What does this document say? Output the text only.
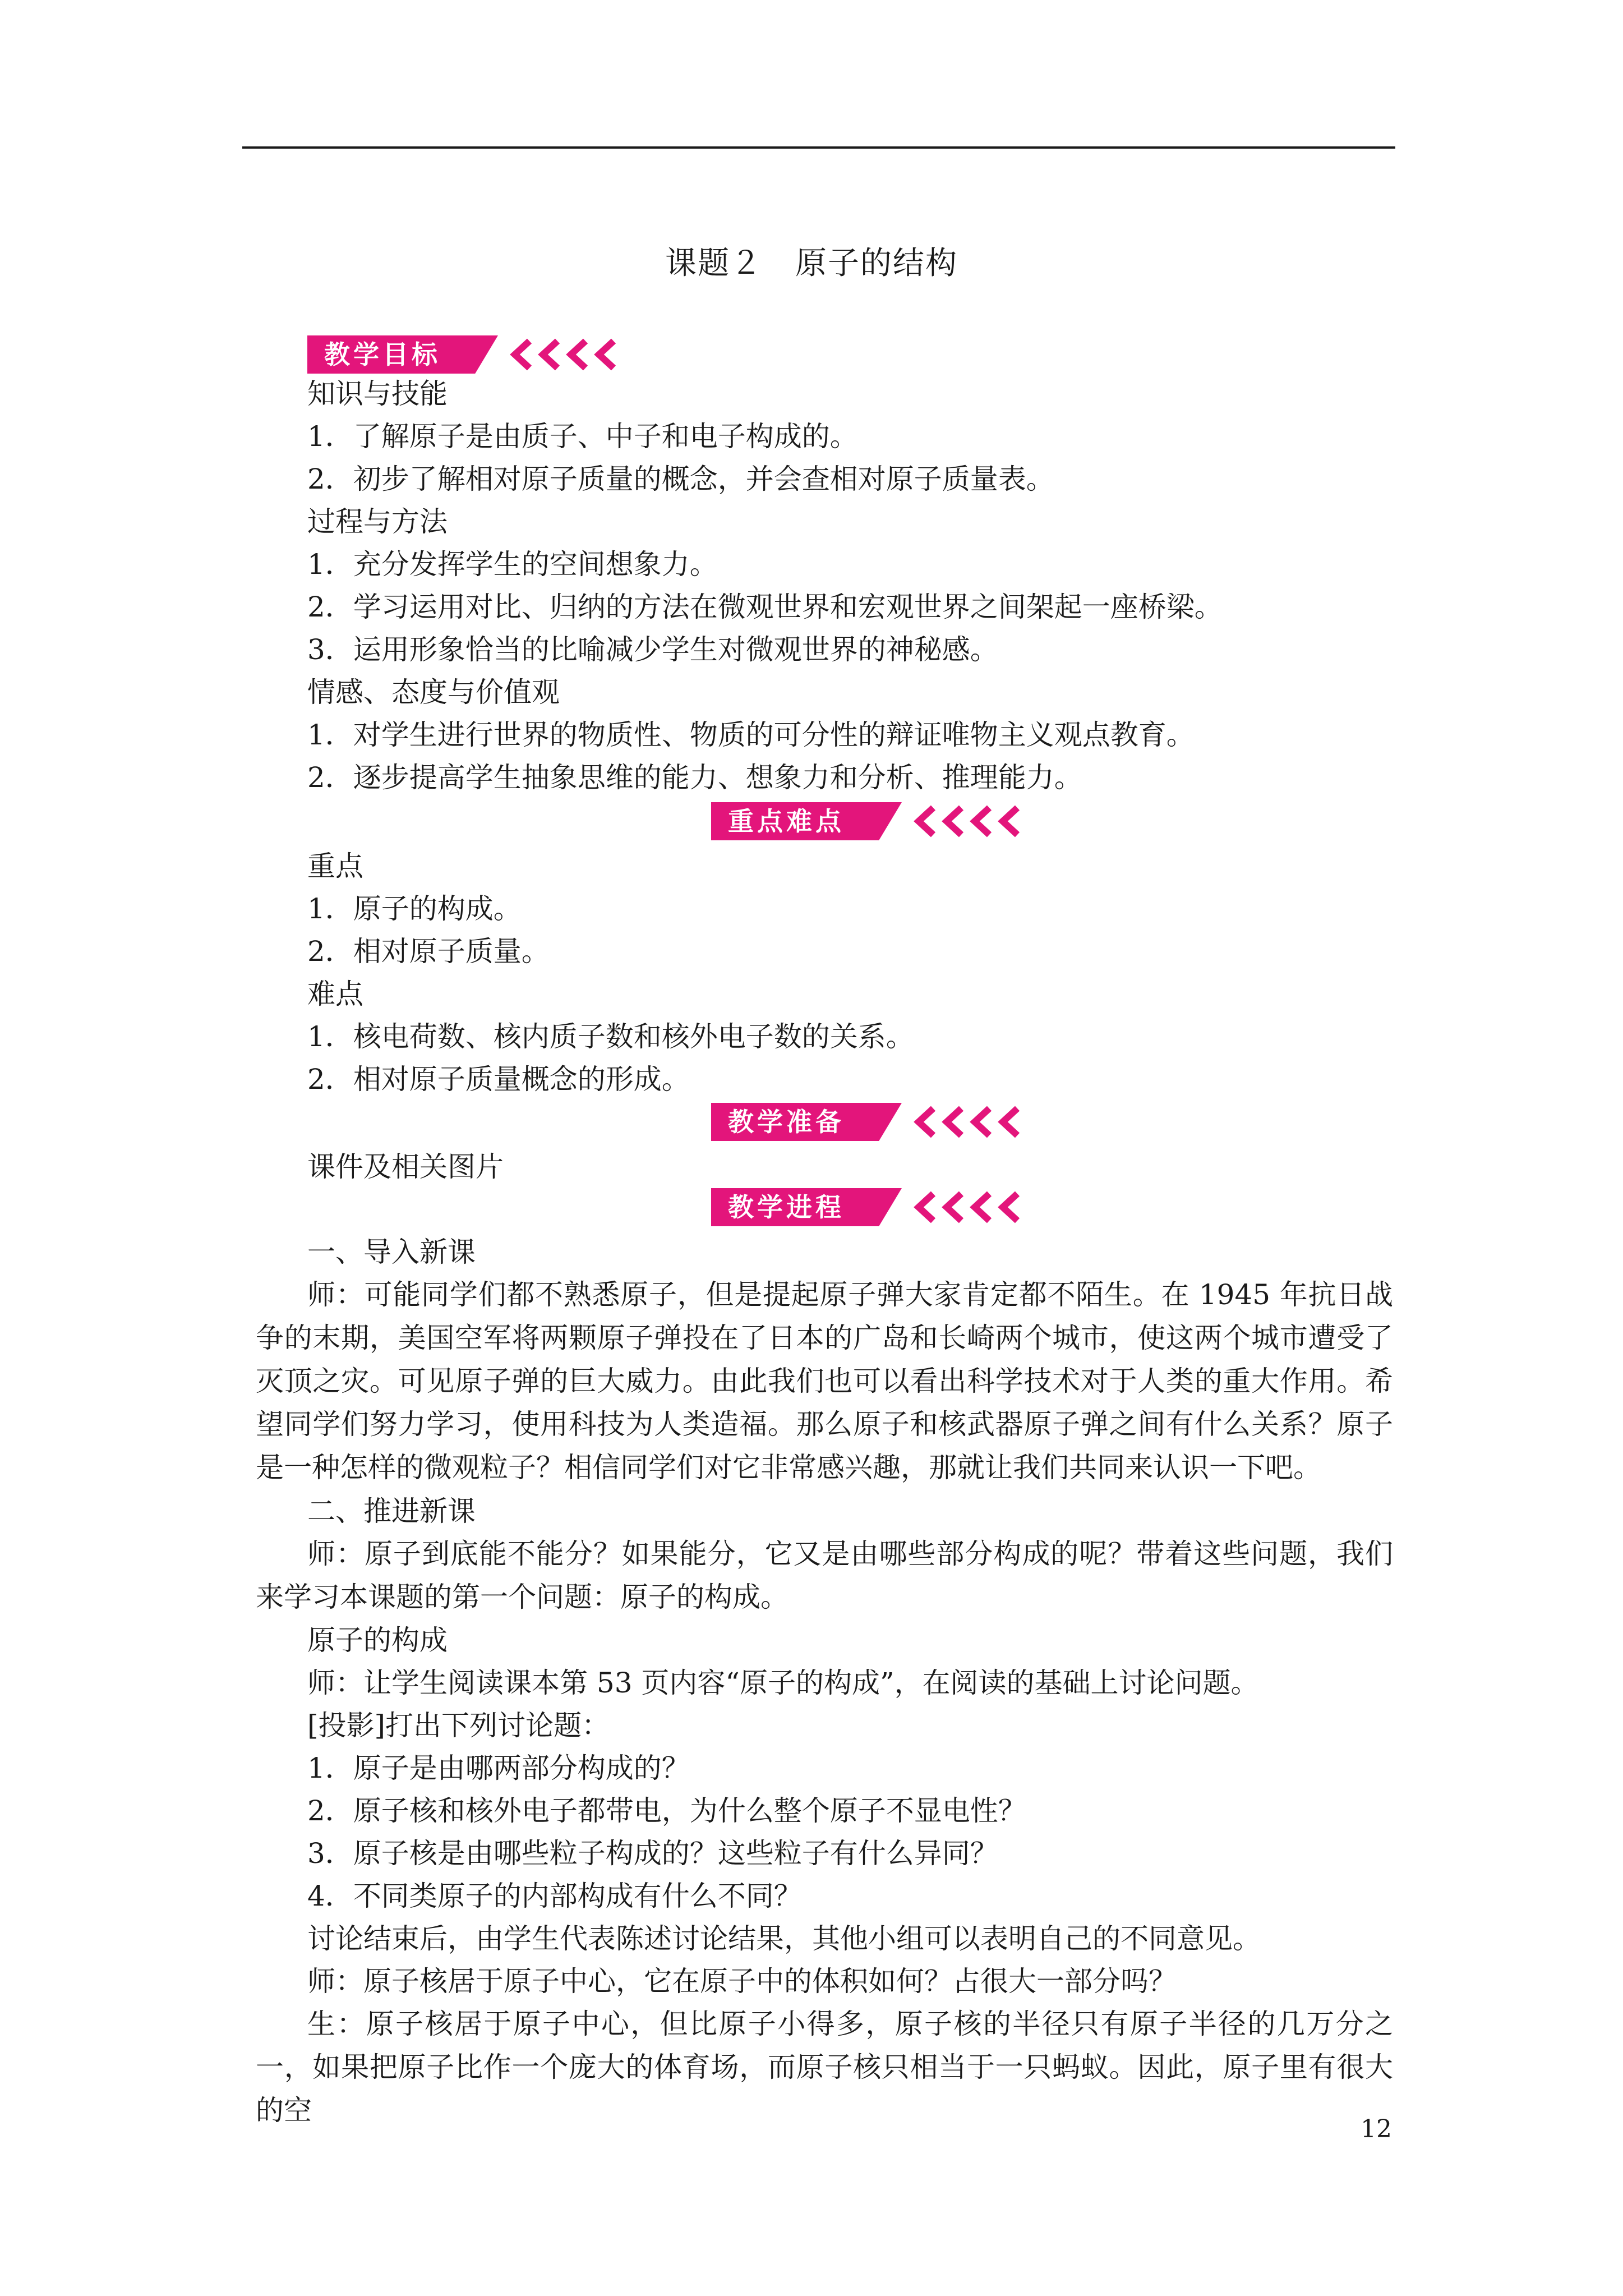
课题２　原子的结构
教学目标
知识与技能
1．了解原子是由质子、中子和电子构成的。
2．初步了解相对原子质量的概念，并会查相对原子质量表。
过程与方法
1．充分发挥学生的空间想象力。
2．学习运用对比、归纳的方法在微观世界和宏观世界之间架起一座桥梁。
3．运用形象恰当的比喻减少学生对微观世界的神秘感。
情感、态度与价值观
1．对学生进行世界的物质性、物质的可分性的辩证唯物主义观点教育。
2．逐步提高学生抽象思维的能力、想象力和分析、推理能力。
重点难点
重点
1．原子的构成。
2．相对原子质量。
难点
1．核电荷数、核内质子数和核外电子数的关系。
2．相对原子质量概念的形成。
教学准备
课件及相关图片
教学进程
一、导入新课
师：可能同学们都不熟悉原子，但是提起原子弹大家肯定都不陌生。在 1945 年抗日战争的末期，美国空军将两颗原子弹投在了日本的广岛和长崎两个城市，使这两个城市遭受了灭顶之灾。可见原子弹的巨大威力。由此我们也可以看出科学技术对于人类的重大作用。希望同学们努力学习，使用科技为人类造福。那么原子和核武器原子弹之间有什么关系？原子是一种怎样的微观粒子？相信同学们对它非常感兴趣，那就让我们共同来认识一下吧。
二、推进新课
师：原子到底能不能分？如果能分，它又是由哪些部分构成的呢？带着这些问题，我们来学习本课题的第一个问题：原子的构成。
原子的构成
师：让学生阅读课本第 53 页内容“原子的构成”，在阅读的基础上讨论问题。
[投影]打出下列讨论题：
1．原子是由哪两部分构成的？
2．原子核和核外电子都带电，为什么整个原子不显电性？
3．原子核是由哪些粒子构成的？这些粒子有什么异同？
4．不同类原子的内部构成有什么不同？
讨论结束后，由学生代表陈述讨论结果，其他小组可以表明自己的不同意见。
师：原子核居于原子中心，它在原子中的体积如何？占很大一部分吗？
生：原子核居于原子中心，但比原子小得多，原子核的半径只有原子半径的几万分之一，如果把原子比作一个庞大的体育场，而原子核只相当于一只蚂蚁。因此，原子里有很大的空
12
